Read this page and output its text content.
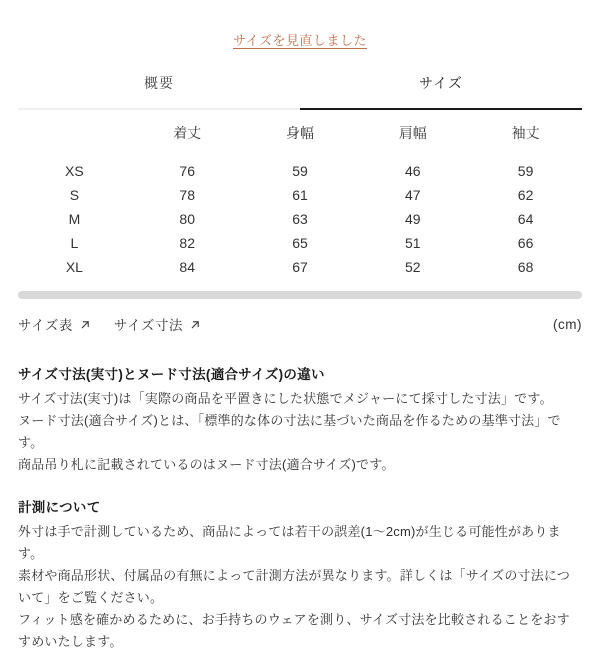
サイズを見直しました
概要	サイズ
	着丈	身幅	肩幅	袖丈
XS	76	59	46	59
S	78	61	47	62
M	80	63	49	64
L	82	65	51	66
XL	84	67	52	68
サイズ表	サイズ寸法	(cm)
サイズ寸法(実寸)とヌード寸法(適合サイズ)の違い

サイズ寸法(実寸)は「実際の商品を平置きにした状態でメジャーにて採寸した寸法」です。

ヌード寸法(適合サイズ)とは、「標準的な体の寸法に基づいた商品を作るための基準寸法」です。

商品吊り札に記載されているのはヌード寸法(適合サイズ)です。

計測について

外寸は手で計測しているため、商品によっては若干の誤差(1〜2cm)が生じる可能性があります。

素材や商品形状、付属品の有無によって計測方法が異なります。詳しくは「サイズの寸法について」をご覧ください。

フィット感を確かめるために、お手持ちのウェアを測り、サイズ寸法を比較されることをおすすめいたします。
